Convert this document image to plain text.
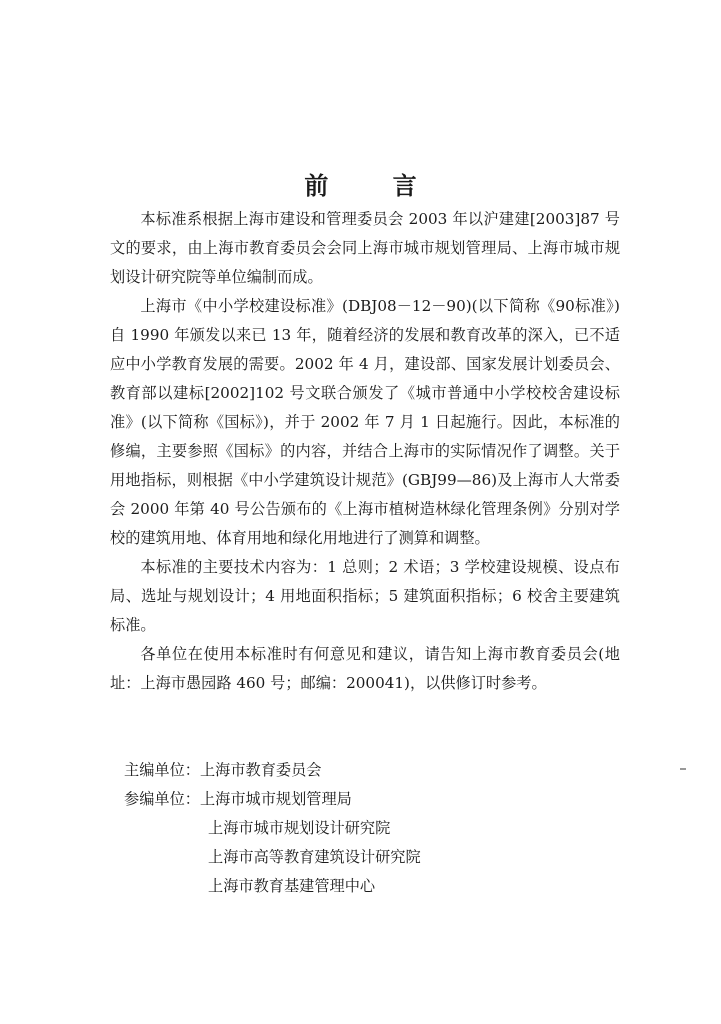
前 言

本标准系根据上海市建设和管理委员会 2003 年以沪建建[2003]87 号文的要求，由上海市教育委员会会同上海市城市规划管理局、上海市城市规划设计研究院等单位编制而成。

上海市《中小学校建设标准》(DBJ08－12－90)(以下简称《90标准》)自 1990 年颁发以来已 13 年，随着经济的发展和教育改革的深入，已不适应中小学教育发展的需要。2002 年 4 月，建设部、国家发展计划委员会、教育部以建标[2002]102 号文联合颁发了《城市普通中小学校校舍建设标准》(以下简称《国标》)，并于 2002 年 7 月 1 日起施行。因此，本标准的修编，主要参照《国标》的内容，并结合上海市的实际情况作了调整。关于用地指标，则根据《中小学建筑设计规范》(GBJ99—86)及上海市人大常委会 2000 年第 40 号公告颁布的《上海市植树造林绿化管理条例》分别对学校的建筑用地、体育用地和绿化用地进行了测算和调整。

本标准的主要技术内容为：1 总则；2 术语；3 学校建设规模、设点布局、选址与规划设计；4 用地面积指标；5 建筑面积指标；6 校舍主要建筑标准。

各单位在使用本标准时有何意见和建议，请告知上海市教育委员会(地址：上海市愚园路 460 号；邮编：200041)，以供修订时参考。

主编单位：上海市教育委员会
参编单位：上海市城市规划管理局
上海市城市规划设计研究院
上海市高等教育建筑设计研究院
上海市教育基建管理中心
